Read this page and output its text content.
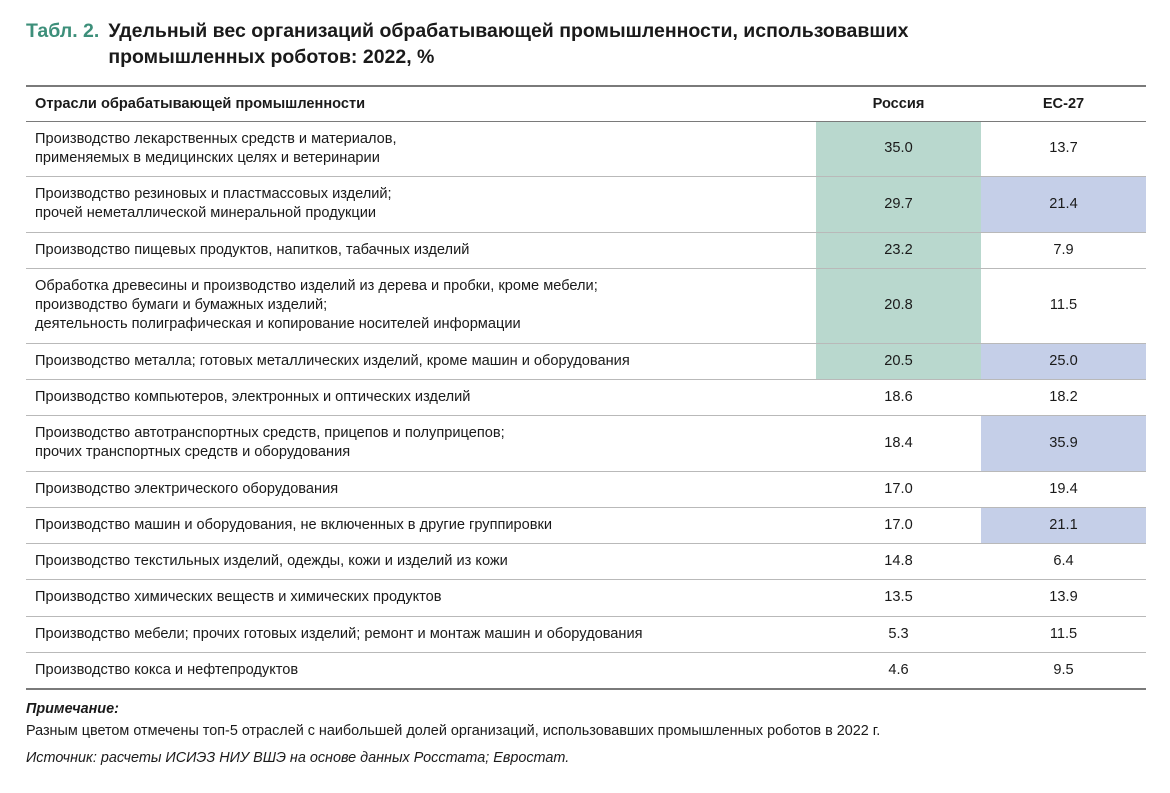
Табл. 2. Удельный вес организаций обрабатывающей промышленности, использовавших промышленных роботов: 2022, %
Отрасли обрабатывающей промышленности	Россия	ЕС-27
Производство лекарственных средств и материалов,
применяемых в медицинских целях и ветеринарии	35.0	13.7
Производство резиновых и пластмассовых изделий;
прочей неметаллической минеральной продукции	29.7	21.4
Производство пищевых продуктов, напитков, табачных изделий	23.2	7.9
Обработка древесины и производство изделий из дерева и пробки, кроме мебели;
производство бумаги и бумажных изделий;
деятельность полиграфическая и копирование носителей информации	20.8	11.5
Производство металла; готовых металлических изделий, кроме машин и оборудования	20.5	25.0
Производство компьютеров, электронных и оптических изделий	18.6	18.2
Производство автотранспортных средств, прицепов и полуприцепов;
прочих транспортных средств и оборудования	18.4	35.9
Производство электрического оборудования	17.0	19.4
Производство машин и оборудования, не включенных в другие группировки	17.0	21.1
Производство текстильных изделий, одежды, кожи и изделий из кожи	14.8	6.4
Производство химических веществ и химических продуктов	13.5	13.9
Производство мебели; прочих готовых изделий; ремонт и монтаж машин и оборудования	5.3	11.5
Производство кокса и нефтепродуктов	4.6	9.5
Примечание:
Разным цветом отмечены топ-5 отраслей с наибольшей долей организаций, использовавших промышленных роботов в 2022 г.
Источник: расчеты ИСИЭЗ НИУ ВШЭ на основе данных Росстата; Евростат.
